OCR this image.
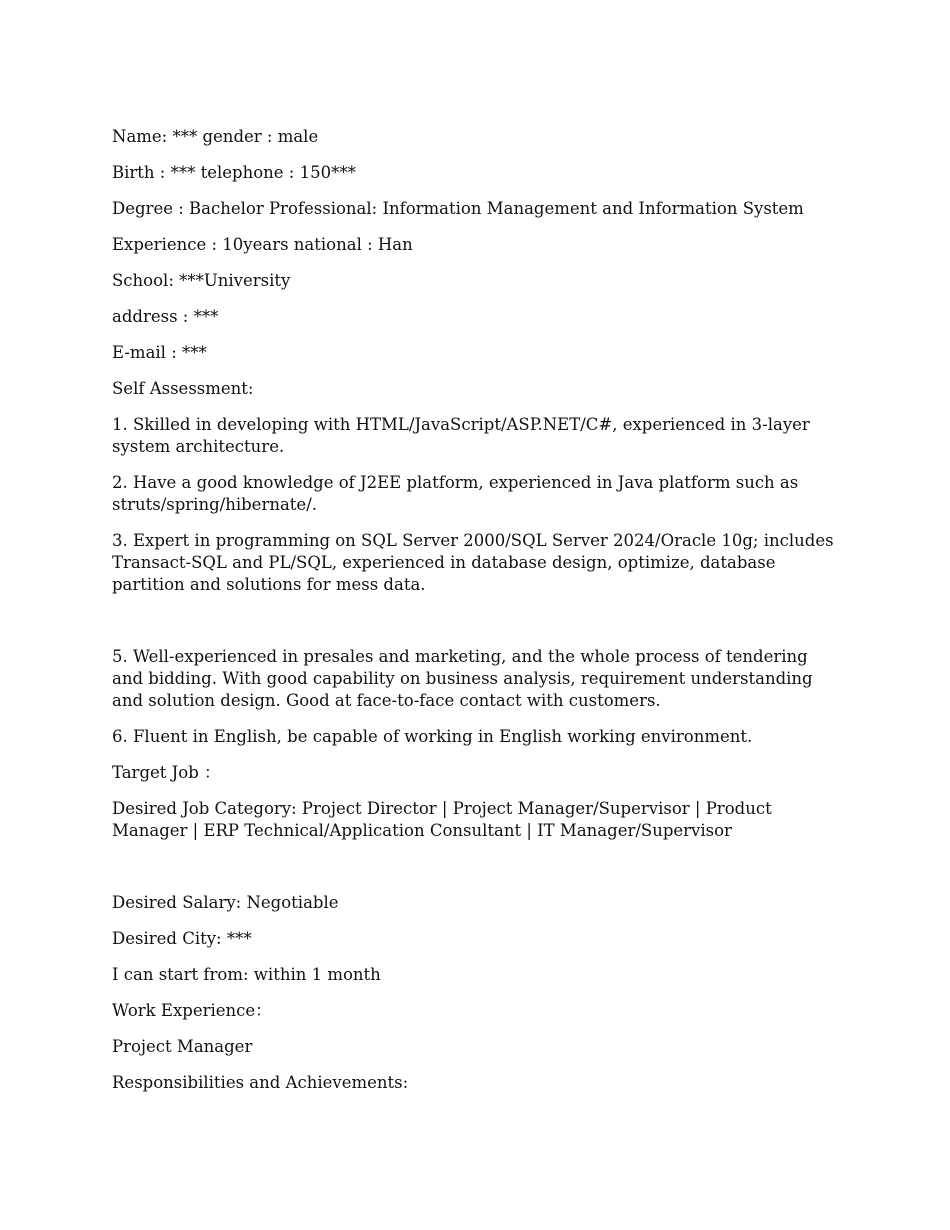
Name: *** gender : male

Birth : *** telephone : 150***

Degree : Bachelor Professional: Information Management and Information System

Experience : 10years national : Han

School: ***University

address : ***

E-mail : ***

Self Assessment:

1. Skilled in developing with HTML/JavaScript/ASP.NET/C#, experienced in 3-layer system architecture.

2. Have a good knowledge of J2EE platform, experienced in Java platform such as struts/spring/hibernate/.

3. Expert in programming on SQL Server 2000/SQL Server 2024/Oracle 10g; includes Transact-SQL and PL/SQL, experienced in database design, optimize, database partition and solutions for mess data.

5. Well-experienced in presales and marketing, and the whole process of tendering and bidding. With good capability on business analysis, requirement understanding and solution design. Good at face-to-face contact with customers.

6. Fluent in English, be capable of working in English working environment.

Target Job ：

Desired Job Category: Project Director | Project Manager/Supervisor | Product Manager | ERP Technical/Application Consultant | IT Manager/Supervisor

Desired Salary: Negotiable

Desired City: ***

I can start from: within 1 month

Work Experience：

Project Manager

Responsibilities and Achievements:
